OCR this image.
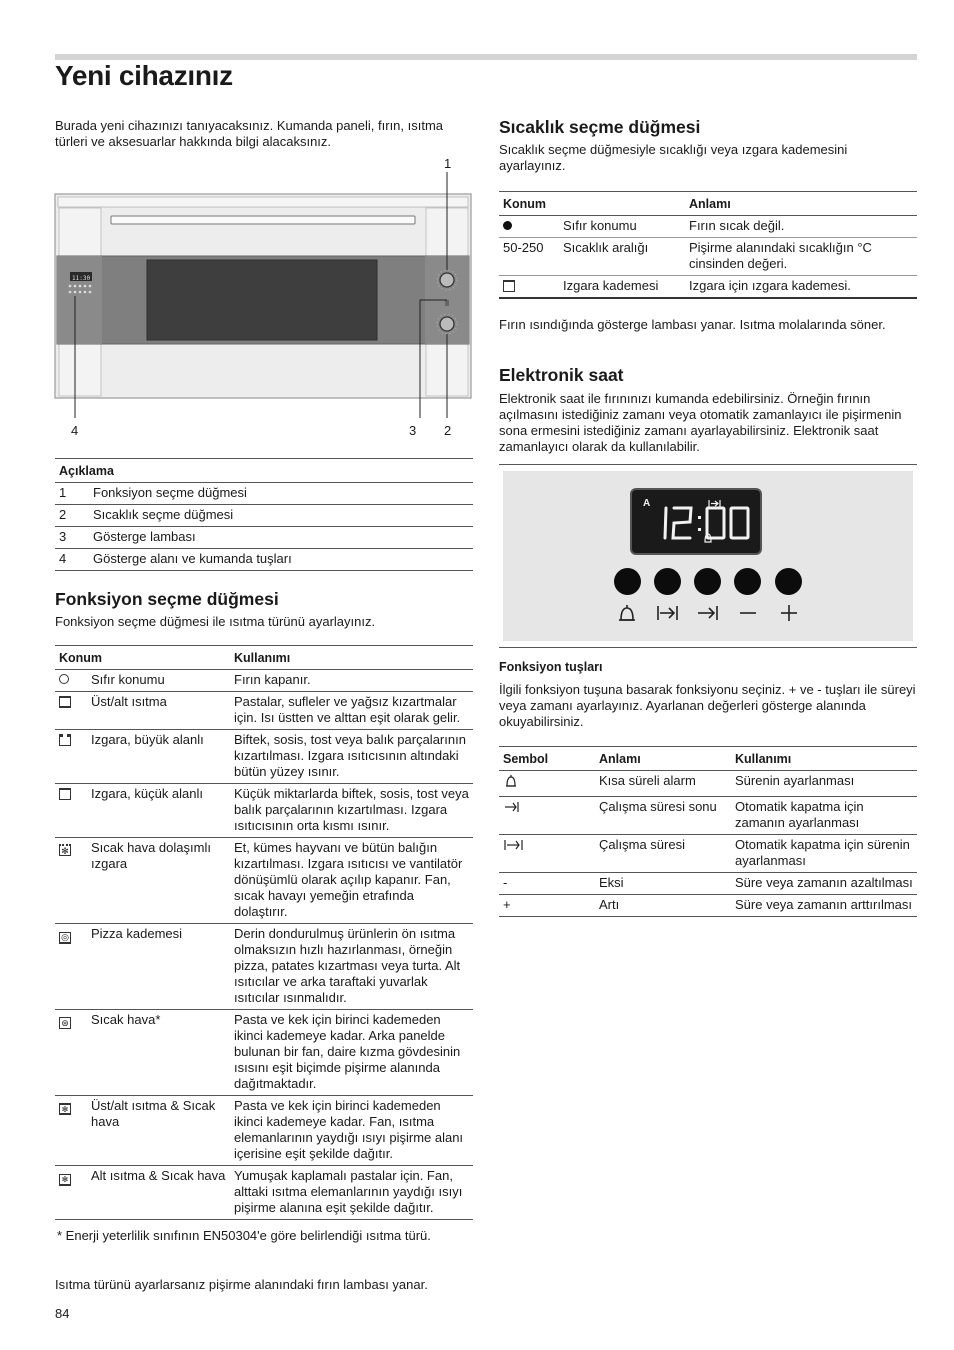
Yeni cihazınız
Burada yeni cihazınızı tanıyacaksınız. Kumanda paneli, fırın, ısıtma türleri ve aksesuarlar hakkında bilgi alacaksınız.
11:30
1
2
3
4
Açıklama	
1	Fonksiyon seçme düğmesi
2	Sıcaklık seçme düğmesi
3	Gösterge lambası
4	Gösterge alanı ve kumanda tuşları
Fonksiyon seçme düğmesi
Fonksiyon seçme düğmesi ile ısıtma türünü ayarlayınız.
Konum		Kullanımı
	Sıfır konumu	Fırın kapanır.
	Üst/alt ısıtma	Pastalar, sufleler ve yağsız kızartmalar için. Isı üstten ve alttan eşit olarak gelir.
	Izgara, büyük alanlı	Biftek, sosis, tost veya balık parçalarının kızartılması. Izgara ısıtıcısının altındaki bütün yüzey ısınır.
	Izgara, küçük alanlı	Küçük miktarlarda biftek, sosis, tost veya balık parçalarının kızartılması. Izgara ısıtıcısının orta kısmı ısınır.
✻	Sıcak hava dolaşımlı ızgara	Et, kümes hayvanı ve bütün balığın kızartılması. Izgara ısıtıcısı ve vantilatör dönüşümlü olarak açılıp kapanır. Fan, sıcak havayı yemeğin etrafında dolaştırır.
◎	Pizza kademesi	Derin dondurulmuş ürünlerin ön ısıtma olmaksızın hızlı hazırlanması, örneğin pizza, patates kızartması veya turta. Alt ısıtıcılar ve arka taraftaki yuvarlak ısıtıcılar ısınmalıdır.
⊛	Sıcak hava*	Pasta ve kek için birinci kademeden ikinci kademeye kadar. Arka panelde bulunan bir fan, daire kızma gövdesinin ısısını eşit biçimde pişirme alanında dağıtmaktadır.
✻	Üst/alt ısıtma & Sıcak hava	Pasta ve kek için birinci kademeden ikinci kademeye kadar. Fan, ısıtma elemanlarının yaydığı ısıyı pişirme alanı içerisine eşit şekilde dağıtır.
✻	Alt ısıtma & Sıcak hava	Yumuşak kaplamalı pastalar için. Fan, alttaki ısıtma elemanlarının yaydığı ısıyı pişirme alanına eşit şekilde dağıtır.
* Enerji yeterlilik sınıfının EN50304'e göre belirlendiği ısıtma türü.
Isıtma türünü ayarlarsanız pişirme alanındaki fırın lambası yanar.
84
Sıcaklık seçme düğmesi
Sıcaklık seçme düğmesiyle sıcaklığı veya ızgara kademesini ayarlayınız.
Konum		Anlamı
	Sıfır konumu	Fırın sıcak değil.
50-250	Sıcaklık aralığı	Pişirme alanındaki sıcaklığın °C cinsinden değeri.
	Izgara kademesi	Izgara için ızgara kademesi.
Fırın ısındığında gösterge lambası yanar. Isıtma molalarında söner.
Elektronik saat
Elektronik saat ile fırınınızı kumanda edebilirsiniz. Örneğin fırının açılmasını istediğiniz zamanı veya otomatik zamanlayıcı ile pişirmenin sona ermesini istediğiniz zamanı ayarlayabilirsiniz. Elektronik saat zamanlayıcı olarak da kullanılabilir.
A
Fonksiyon tuşları
İlgili fonksiyon tuşuna basarak fonksiyonu seçiniz. + ve - tuşları ile süreyi veya zamanı ayarlayınız. Ayarlanan değerleri gösterge alanında okuyabilirsiniz.
Sembol	Anlamı	Kullanımı
	Kısa süreli alarm	Sürenin ayarlanması
	Çalışma süresi sonu	Otomatik kapatma için zamanın ayarlanması
	Çalışma süresi	Otomatik kapatma için sürenin ayarlanması
-	Eksi	Süre veya zamanın azaltılması
+	Artı	Süre veya zamanın arttırılması
